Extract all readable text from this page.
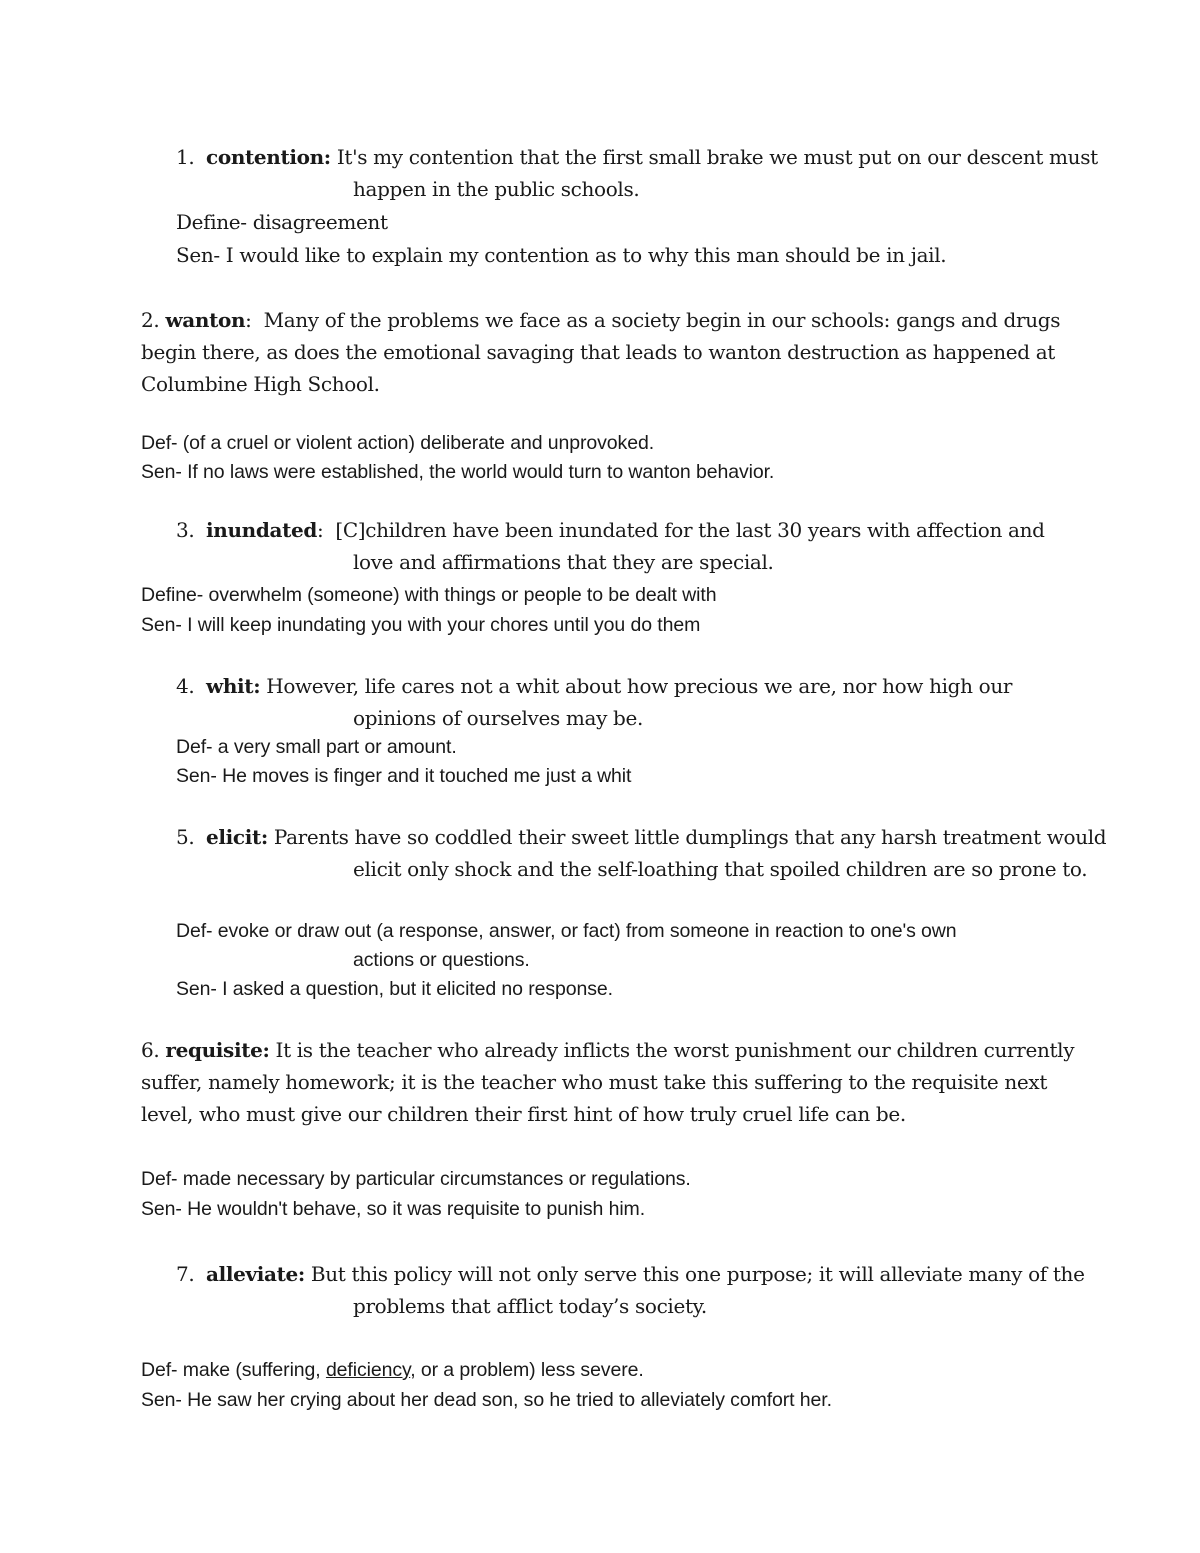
1. contention: It's my contention that the first small brake we must put on our descent must
happen in the public schools.
Define- disagreement
Sen- I would like to explain my contention as to why this man should be in jail.
2. wanton: Many of the problems we face as a society begin in our schools: gangs and drugs
begin there, as does the emotional savaging that leads to wanton destruction as happened at
Columbine High School.
Def- (of a cruel or violent action) deliberate and unprovoked.
Sen- If no laws were established, the world would turn to wanton behavior.
3. inundated: [C]children have been inundated for the last 30 years with affection and
love and affirmations that they are special.
Define- overwhelm (someone) with things or people to be dealt with
Sen- I will keep inundating you with your chores until you do them
4. whit: However, life cares not a whit about how precious we are, nor how high our
opinions of ourselves may be.
Def- a very small part or amount.
Sen- He moves is finger and it touched me just a whit
5. elicit: Parents have so coddled their sweet little dumplings that any harsh treatment would
elicit only shock and the self-loathing that spoiled children are so prone to.
Def- evoke or draw out (a response, answer, or fact) from someone in reaction to one's own
actions or questions.
Sen- I asked a question, but it elicited no response.
6. requisite: It is the teacher who already inflicts the worst punishment our children currently
suffer, namely homework; it is the teacher who must take this suffering to the requisite next
level, who must give our children their first hint of how truly cruel life can be.
Def- made necessary by particular circumstances or regulations.
Sen- He wouldn't behave, so it was requisite to punish him.
7. alleviate: But this policy will not only serve this one purpose; it will alleviate many of the
problems that afflict today’s society.
Def- make (suffering, deficiency, or a problem) less severe.
Sen- He saw her crying about her dead son, so he tried to alleviately comfort her.
